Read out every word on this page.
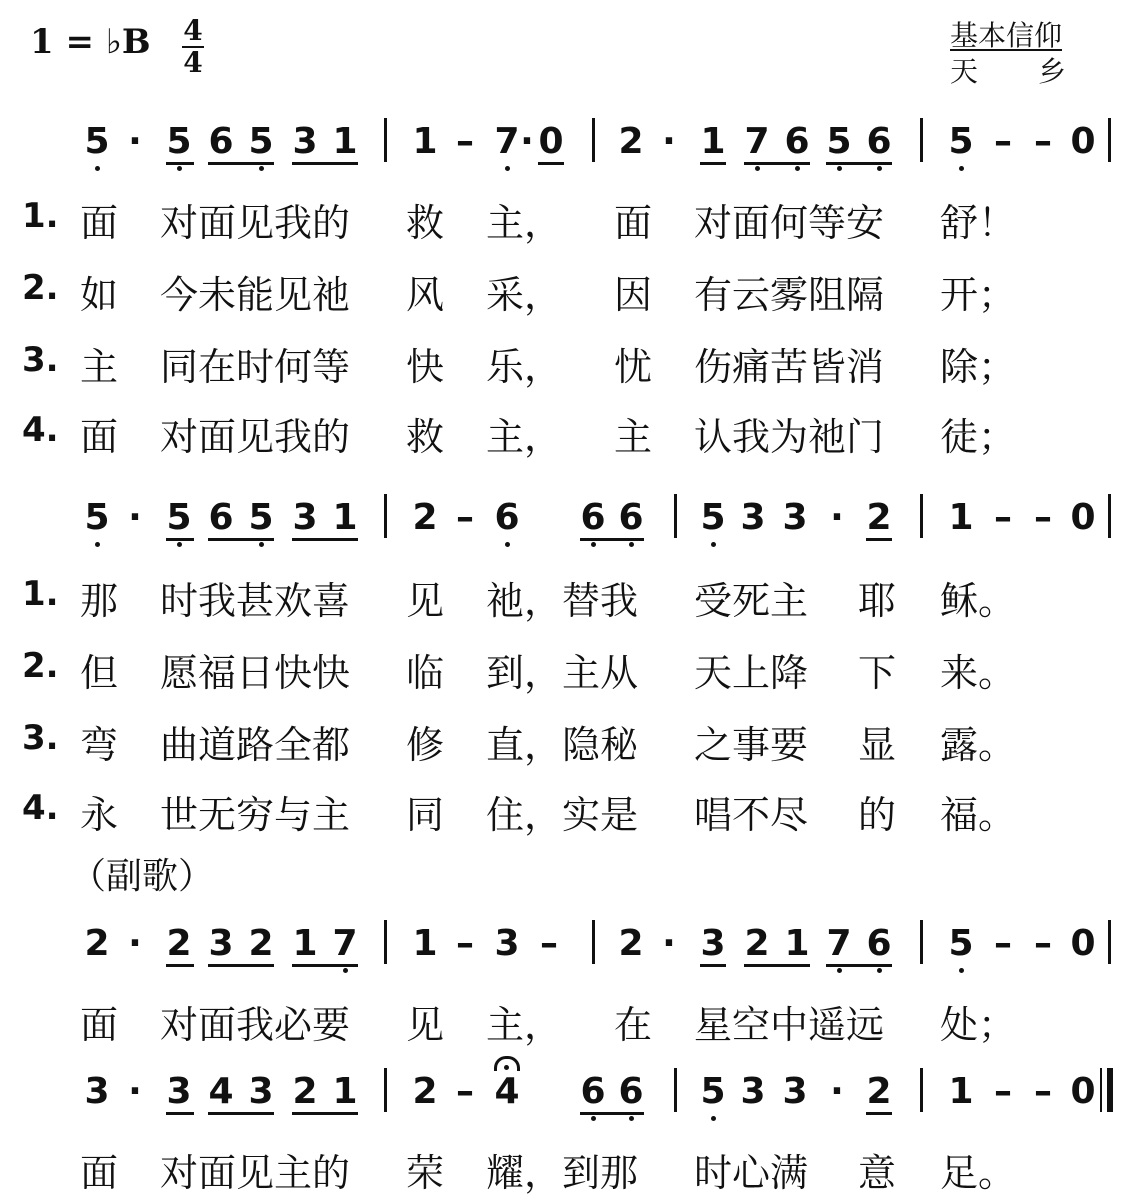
1 = ♭B 4
4
基本信仰
天乡
5 · 5 6 5 3 1 1 – 7 · 0 2 · 1 7 6 5 6 5 – – 0
1. 面 对面见我的 救 主， 面 对面何等安 舒！
2. 如 今未能见祂 风 采， 因 有云雾阻隔 开；
3. 主 同在时何等 快 乐， 忧 伤痛苦皆消 除；
4. 面 对面见我的 救 主， 主 认我为祂门 徒；
5 · 5 6 5 3 1 2 – 6 6 6 5 3 3 · 2 1 – – 0
1. 那 时我甚欢喜 见 祂，替我 受死主 耶 稣。
2. 但 愿福日快快 临 到，主从 天上降 下 来。
3. 弯 曲道路全都 修 直，隐秘 之事要 显 露。
4. 永 世无穷与主 同 住，实是 唱不尽 的 福。
（副歌）
2 · 2 3 2 1 7 1 – 3 – 2 · 3 2 1 7 6 5 – – 0
面 对面我必要 见 主， 在 星空中遥远 处；
3 · 3 4 3 2 1 2 – 4 6 6 5 3 3 · 2 1 – – 0
面 对面见主的 荣 耀，到那 时心满 意 足。
